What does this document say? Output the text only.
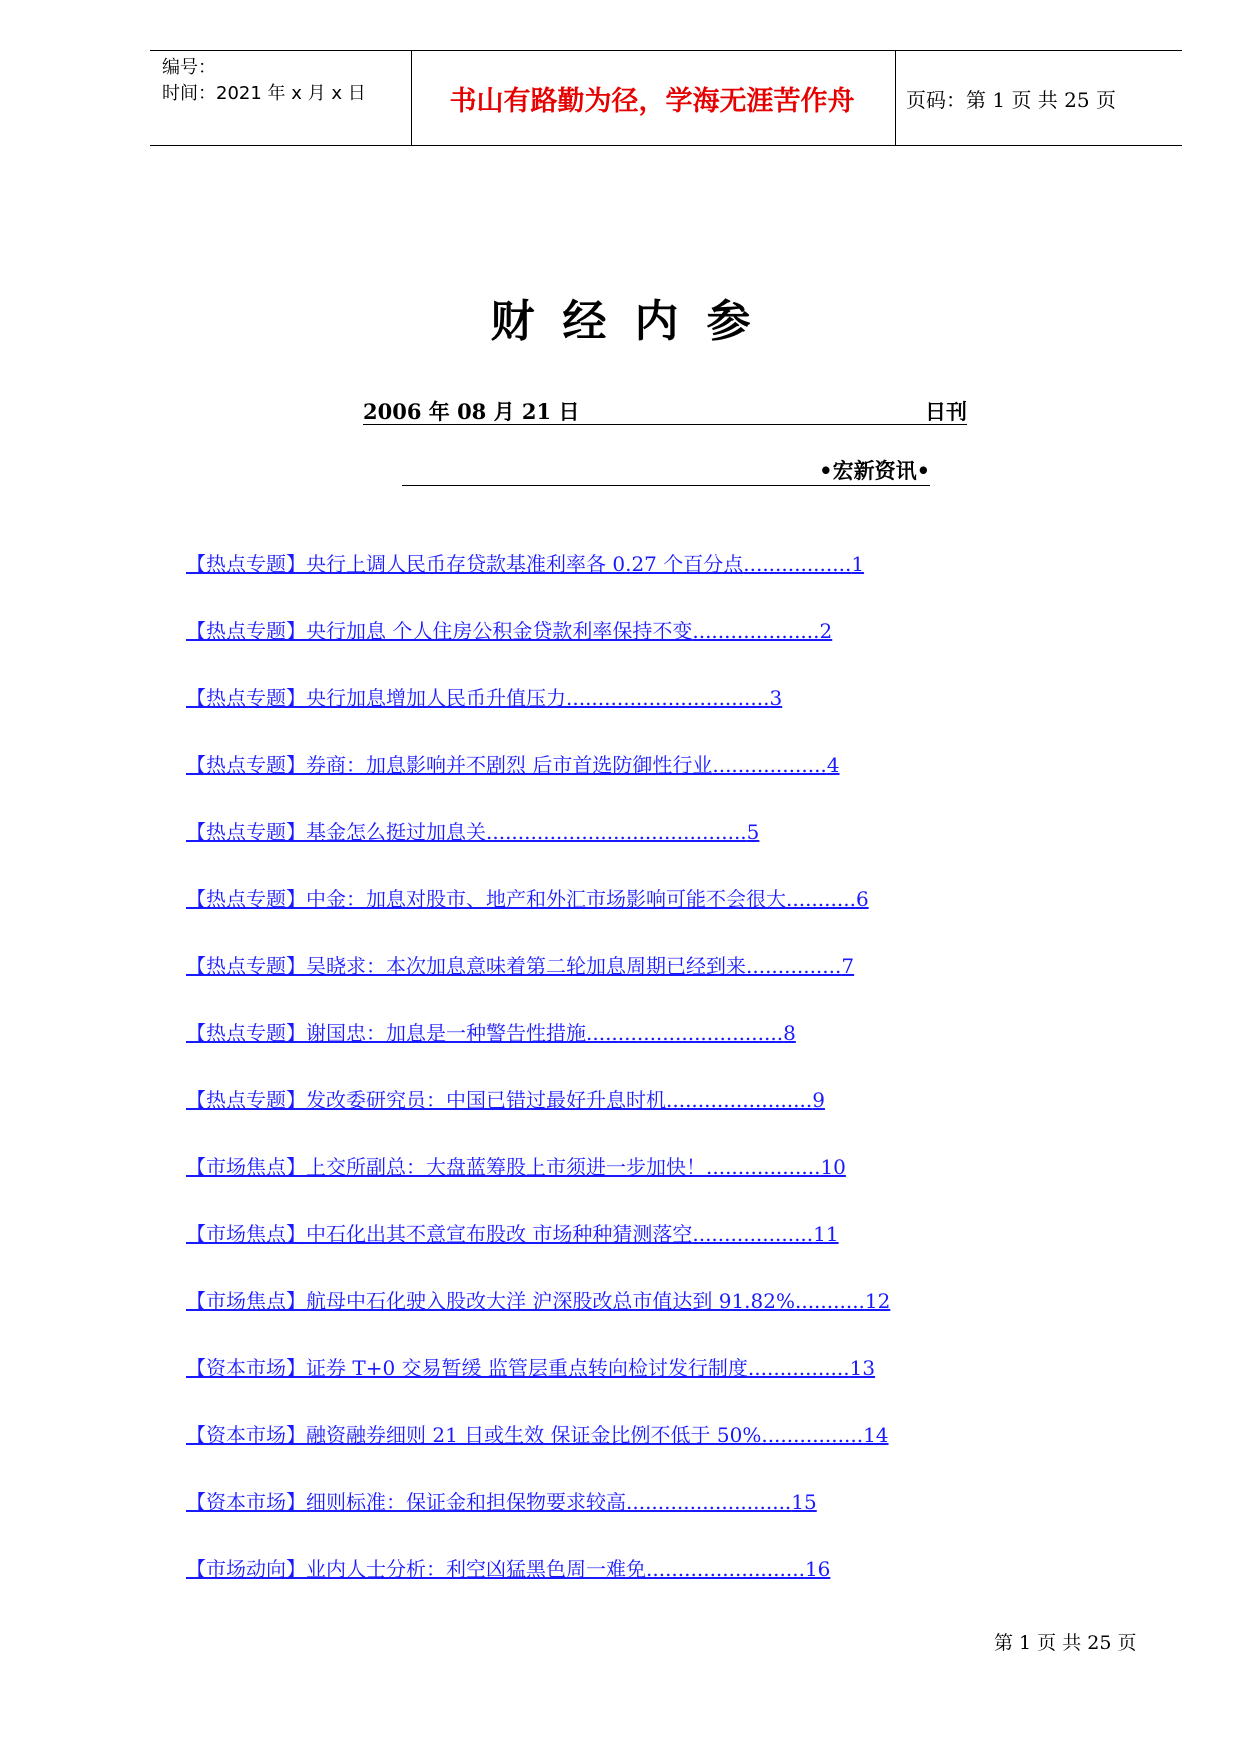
编号：
时间：2021 年 x 月 x 日	书山有路勤为径，学海无涯苦作舟	页码：第 1 页 共 25 页
财经内参
2006 年 08 月 21 日	日刊
•宏新资讯•
【热点专题】央行上调人民币存贷款基准利率各 0.27 个百分点.................1
【热点专题】央行加息 个人住房公积金贷款利率保持不变....................2
【热点专题】央行加息增加人民币升值压力................................3
【热点专题】券商：加息影响并不剧烈 后市首选防御性行业..................4
【热点专题】基金怎么挺过加息关.........................................5
【热点专题】中金：加息对股市、地产和外汇市场影响可能不会很大...........6
【热点专题】吴晓求：本次加息意味着第二轮加息周期已经到来...............7
【热点专题】谢国忠：加息是一种警告性措施...............................8
【热点专题】发改委研究员：中国已错过最好升息时机.......................9
【市场焦点】上交所副总：大盘蓝筹股上市须进一步加快！..................10
【市场焦点】中石化出其不意宣布股改 市场种种猜测落空...................11
【市场焦点】航母中石化驶入股改大洋 沪深股改总市值达到 91.82%...........12
【资本市场】证券 T+0 交易暂缓 监管层重点转向检讨发行制度................13
【资本市场】融资融券细则 21 日或生效 保证金比例不低于 50%................14
【资本市场】细则标准：保证金和担保物要求较高..........................15
【市场动向】业内人士分析：利空凶猛黑色周一难免.........................16
第 1 页 共 25 页
